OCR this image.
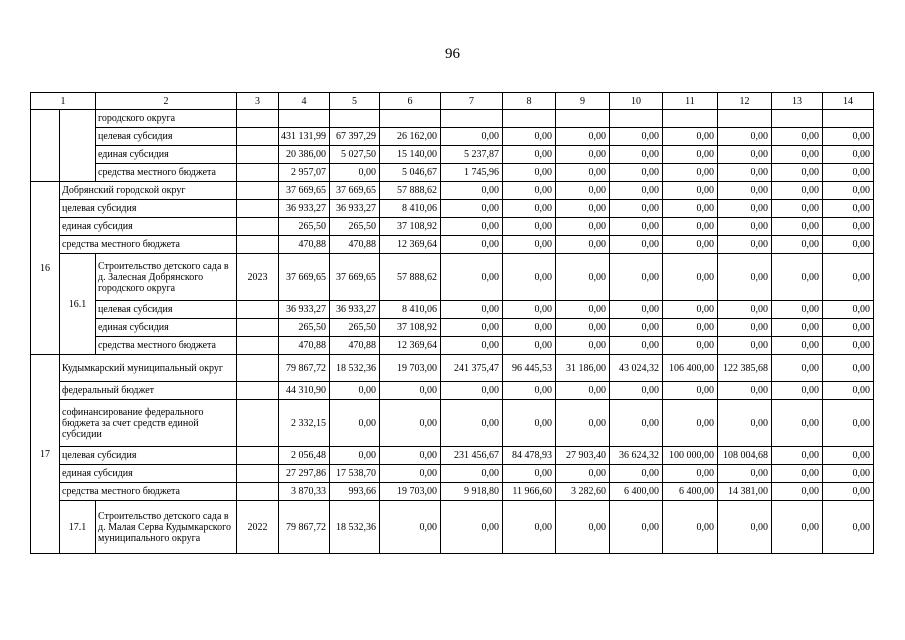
96
1		2	3	4	5	6	7	8	9	10	11	12	13	14
		городского округа												
		целевая субсидия		431 131,99	67 397,29	26 162,00	0,00	0,00	0,00	0,00	0,00	0,00	0,00	0,00
		единая субсидия		20 386,00	5 027,50	15 140,00	5 237,87	0,00	0,00	0,00	0,00	0,00	0,00	0,00
		средства местного бюджета		2 957,07	0,00	5 046,67	1 745,96	0,00	0,00	0,00	0,00	0,00	0,00	0,00
16	Добрянский городской округ			37 669,65	37 669,65	57 888,62	0,00	0,00	0,00	0,00	0,00	0,00	0,00	0,00
	целевая субсидия			36 933,27	36 933,27	8 410,06	0,00	0,00	0,00	0,00	0,00	0,00	0,00	0,00
	единая субсидия			265,50	265,50	37 108,92	0,00	0,00	0,00	0,00	0,00	0,00	0,00	0,00
	средства местного бюджета			470,88	470,88	12 369,64	0,00	0,00	0,00	0,00	0,00	0,00	0,00	0,00
	16.1	Строительство детского сада в д. Залесная Добрянского городского округа	2023	37 669,65	37 669,65	57 888,62	0,00	0,00	0,00	0,00	0,00	0,00	0,00	0,00
		целевая субсидия		36 933,27	36 933,27	8 410,06	0,00	0,00	0,00	0,00	0,00	0,00	0,00	0,00
		единая субсидия		265,50	265,50	37 108,92	0,00	0,00	0,00	0,00	0,00	0,00	0,00	0,00
		средства местного бюджета		470,88	470,88	12 369,64	0,00	0,00	0,00	0,00	0,00	0,00	0,00	0,00
17	Кудымкарский муниципальный округ			79 867,72	18 532,36	19 703,00	241 375,47	96 445,53	31 186,00	43 024,32	106 400,00	122 385,68	0,00	0,00
	федеральный бюджет			44 310,90	0,00	0,00	0,00	0,00	0,00	0,00	0,00	0,00	0,00	0,00
	софинансирование федерального бюджета за счет средств единой субсидии			2 332,15	0,00	0,00	0,00	0,00	0,00	0,00	0,00	0,00	0,00	0,00
	целевая субсидия			2 056,48	0,00	0,00	231 456,67	84 478,93	27 903,40	36 624,32	100 000,00	108 004,68	0,00	0,00
	единая субсидия			27 297,86	17 538,70	0,00	0,00	0,00	0,00	0,00	0,00	0,00	0,00	0,00
	средства местного бюджета			3 870,33	993,66	19 703,00	9 918,80	11 966,60	3 282,60	6 400,00	6 400,00	14 381,00	0,00	0,00
	17.1	Строительство детского сада в д. Малая Серва Кудымкарского муниципального округа	2022	79 867,72	18 532,36	0,00	0,00	0,00	0,00	0,00	0,00	0,00	0,00	0,00
